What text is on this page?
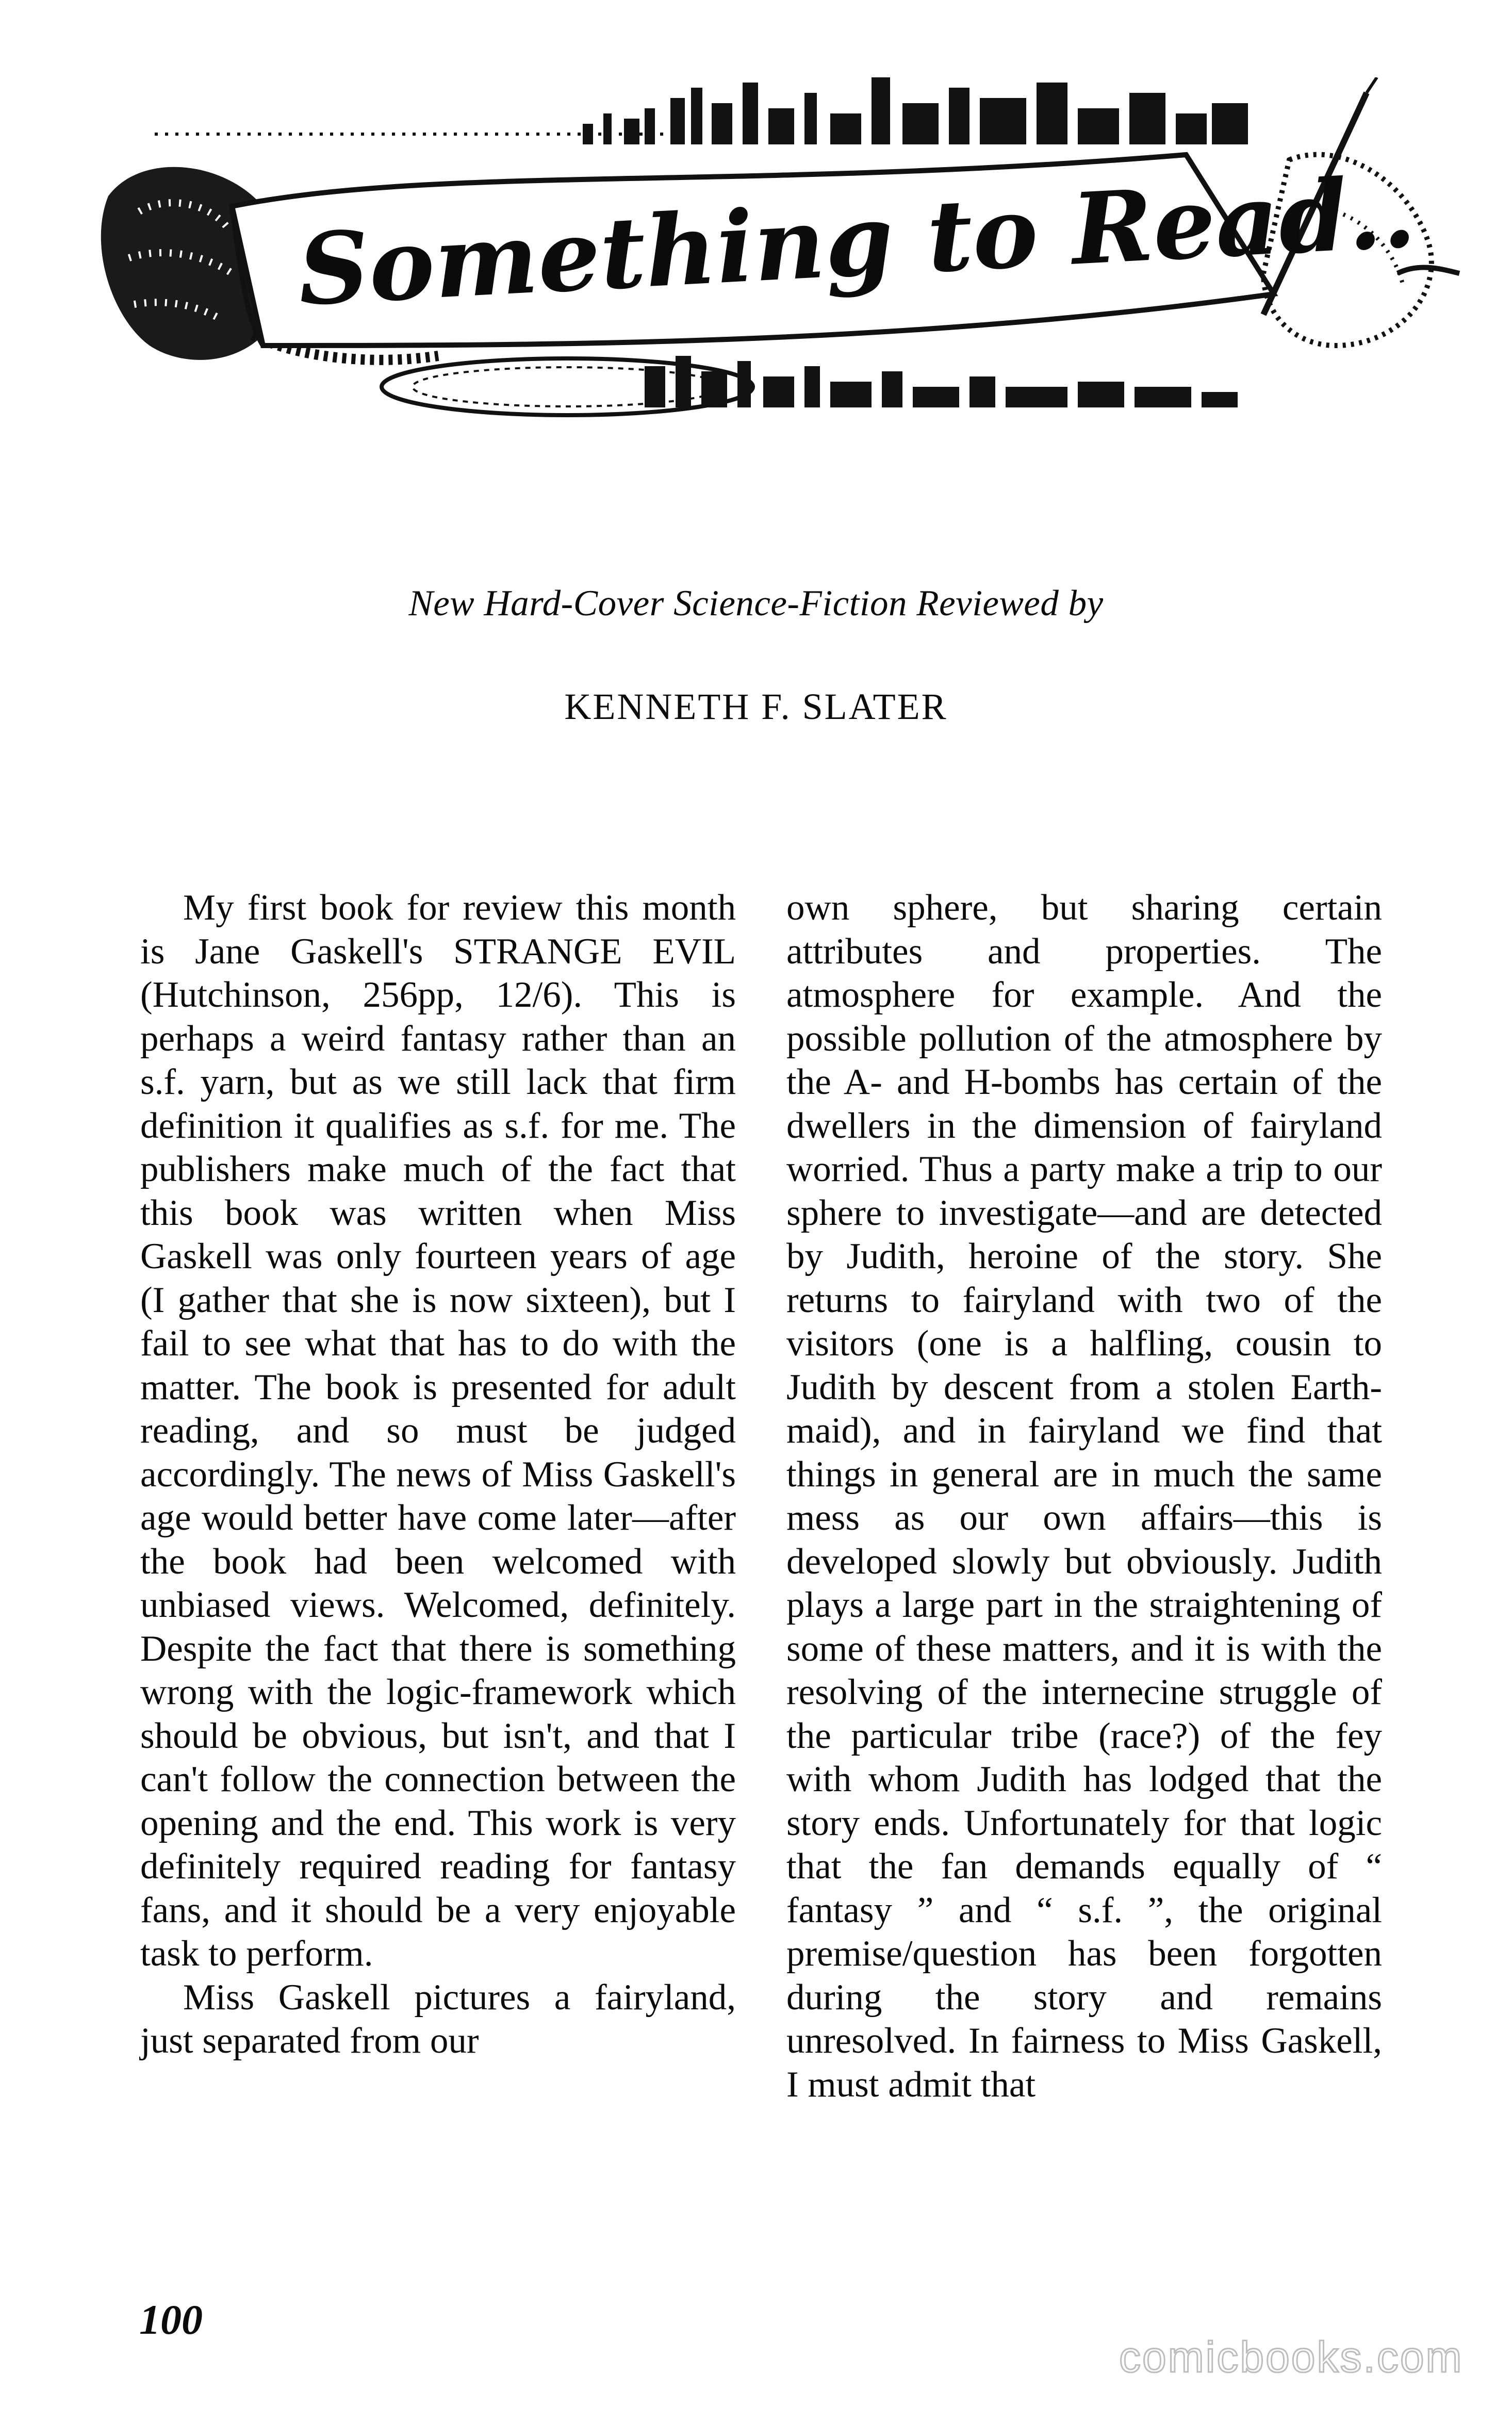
Something to Read..
New Hard-Cover Science-Fiction Reviewed by
KENNETH F. SLATER

My first book for review this month is Jane Gaskell's STRANGE EVIL (Hutchinson, 256pp, 12/6). This is perhaps a weird fantasy rather than an s.f. yarn, but as we still lack that firm definition it qualifies as s.f. for me. The publishers make much of the fact that this book was written when Miss Gaskell was only fourteen years of age (I gather that she is now sixteen), but I fail to see what that has to do with the matter. The book is presented for adult reading, and so must be judged accordingly. The news of Miss Gaskell's age would better have come later—after the book had been welcomed with unbiased views. Welcomed, definitely. Despite the fact that there is something wrong with the logic-framework which should be obvious, but isn't, and that I can't follow the connection between the opening and the end. This work is very definitely required reading for fantasy fans, and it should be a very enjoyable task to perform.

Miss Gaskell pictures a fairyland, just separated from our

own sphere, but sharing certain attributes and properties. The atmosphere for example. And the possible pollution of the atmosphere by the A- and H-bombs has certain of the dwellers in the dimension of fairyland worried. Thus a party make a trip to our sphere to investigate—and are detected by Judith, heroine of the story. She returns to fairyland with two of the visitors (one is a halfling, cousin to Judith by descent from a stolen Earth-maid), and in fairyland we find that things in general are in much the same mess as our own affairs—this is developed slowly but obviously. Judith plays a large part in the straightening of some of these matters, and it is with the resolving of the internecine struggle of the particular tribe (race?) of the fey with whom Judith has lodged that the story ends. Unfortunately for that logic that the fan demands equally of “ fantasy ” and “ s.f. ”, the original premise/question has been forgotten during the story and remains unresolved. In fairness to Miss Gaskell, I must admit that

100
comicbooks.com
